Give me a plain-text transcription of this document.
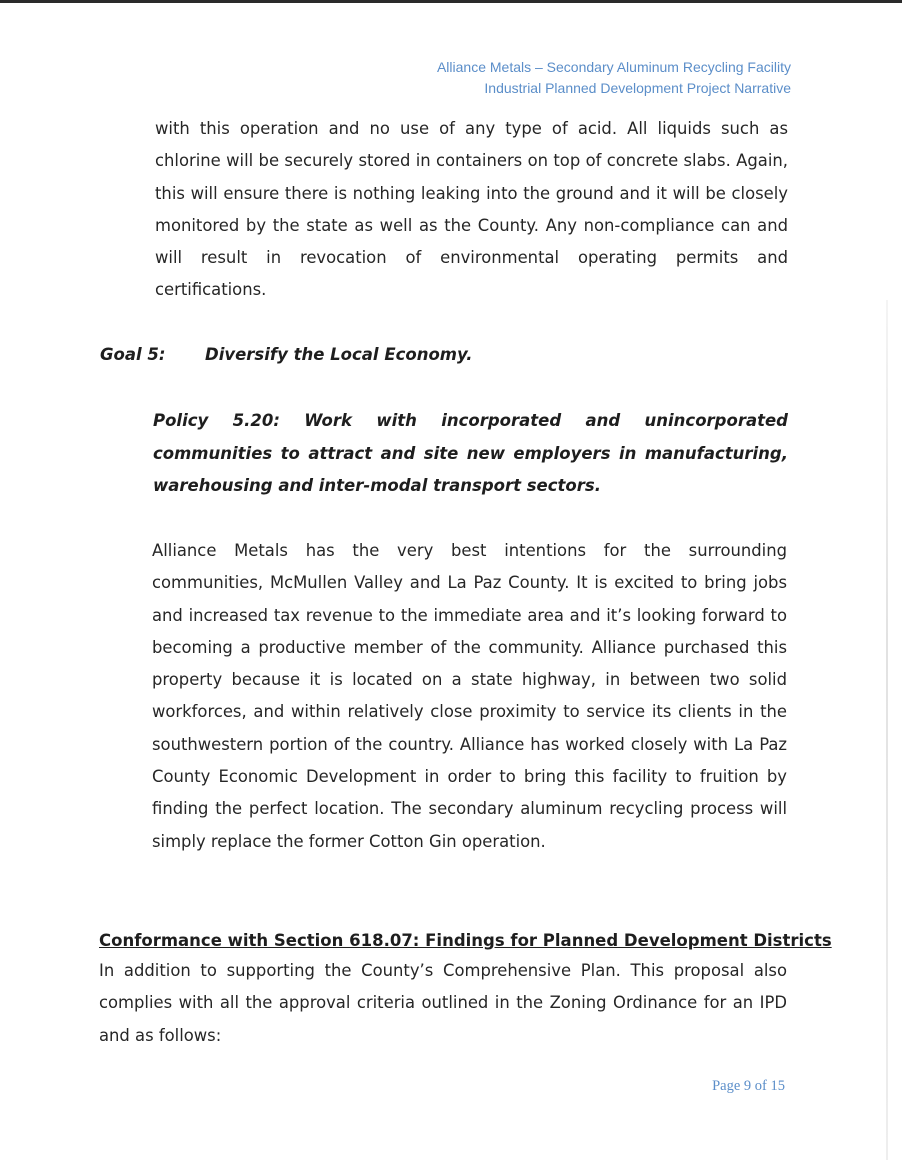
Alliance Metals – Secondary Aluminum Recycling Facility
Industrial Planned Development Project Narrative

with this operation and no use of any type of acid. All liquids such as chlorine will be securely stored in containers on top of concrete slabs. Again, this will ensure there is nothing leaking into the ground and it will be closely monitored by the state as well as the County. Any non-compliance can and will result in revocation of environmental operating permits and certifications.

Goal 5: Diversify the Local Economy.

Policy 5.20: Work with incorporated and unincorporated communities to attract and site new employers in manufacturing, warehousing and inter-modal transport sectors.

Alliance Metals has the very best intentions for the surrounding communities, McMullen Valley and La Paz County. It is excited to bring jobs and increased tax revenue to the immediate area and it’s looking forward to becoming a productive member of the community. Alliance purchased this property because it is located on a state highway, in between two solid workforces, and within relatively close proximity to service its clients in the southwestern portion of the country. Alliance has worked closely with La Paz County Economic Development in order to bring this facility to fruition by finding the perfect location. The secondary aluminum recycling process will simply replace the former Cotton Gin operation.

Conformance with Section 618.07: Findings for Planned Development Districts

In addition to supporting the County’s Comprehensive Plan. This proposal also complies with all the approval criteria outlined in the Zoning Ordinance for an IPD and as follows:

Page 9 of 15
